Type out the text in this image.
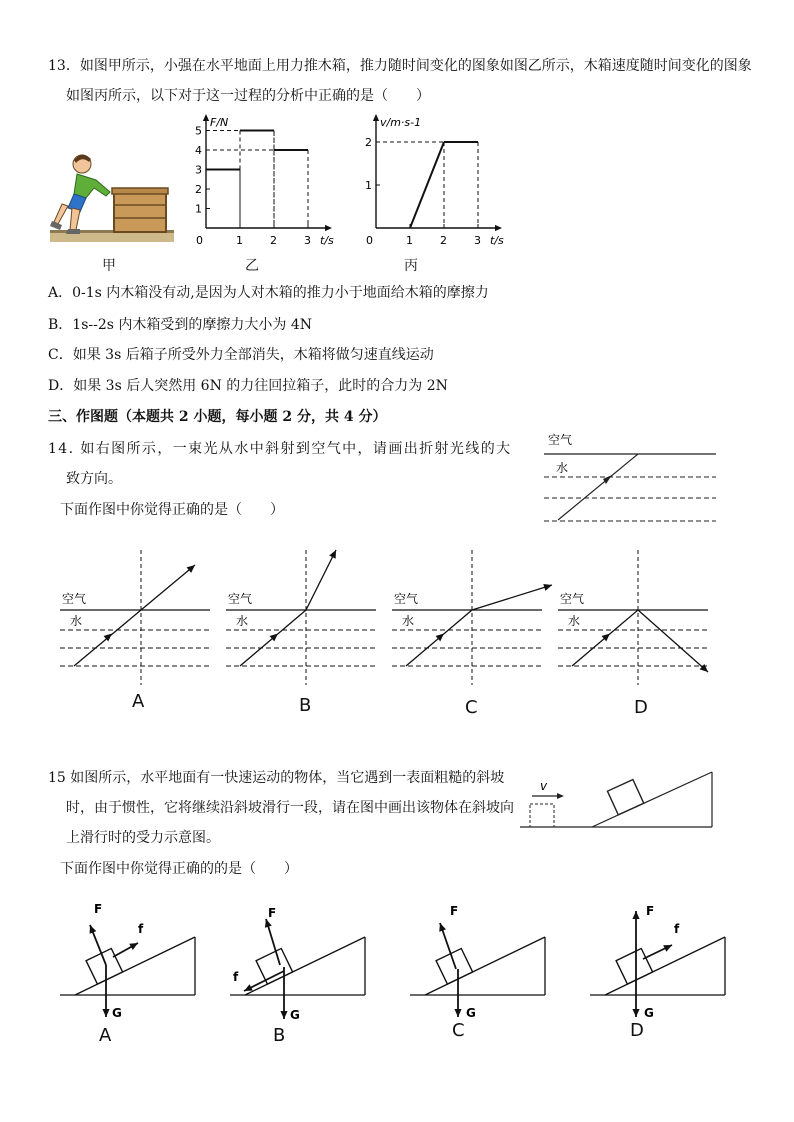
13．如图甲所示，小强在水平地面上用力推木箱，推力随时间变化的图象如图乙所示，木箱速度随时间变化的图象
如图丙所示，以下对于这一过程的分析中正确的是（　　）
甲
t/s
F/N
0	1 2 3
1
2
3
4
5
乙
t/s
v/m·s-1
0	1 2 3
1
2
丙
A．0-1s 内木箱没有动,是因为人对木箱的推力小于地面给木箱的摩擦力
B．1s--2s 内木箱受到的摩擦力大小为 4N
C．如果 3s 后箱子所受外力全部消失，木箱将做匀速直线运动
D．如果 3s 后人突然用 6N 的力往回拉箱子，此时的合力为 2N
三、作图题（本题共 2 小题，每小题 2 分，共 4 分）
14. 如右图所示，一束光从水中斜射到空气中，请画出折射光线的大
致方向。
下面作图中你觉得正确的是（　　）
空气
水
空气
水
空气
水
空气
水
空气
水
A	B	C	D
15 如图所示，水平地面有一快速运动的物体，当它遇到一表面粗糙的斜坡
时，由于惯性，它将继续沿斜坡滑行一段，请在图中画出该物体在斜坡向
上滑行时的受力示意图。
下面作图中你觉得正确的的是（　　）
v
F
f
G
F
f
G
F
G
F
f
G
A	B	C	D
